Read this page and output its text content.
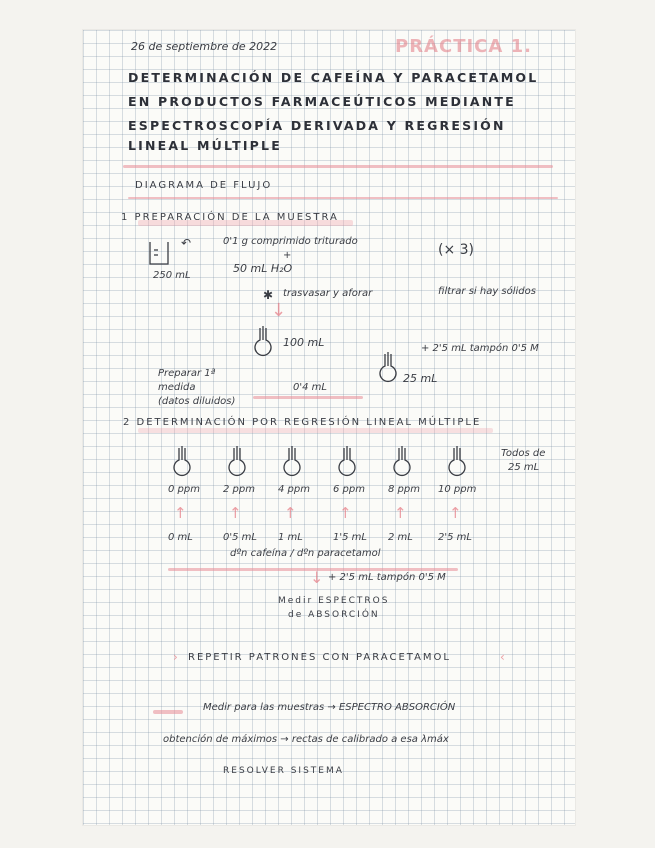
26 de septiembre de 2022	PRÁCTICA 1.
DETERMINACIÓN DE CAFEÍNA Y PARACETAMOL
EN PRODUCTOS FARMACEÚTICOS MEDIANTE
ESPECTROSCOPÍA DERIVADA Y REGRESIÓN
LINEAL MÚLTIPLE
DIAGRAMA DE FLUJO
1 PREPARACIÓN DE LA MUESTRA
↶	0'1 g comprimido triturado
+
50 mL H₂O
250 mL
(× 3)
✱ trasvasar y aforar	filtrar si hay sólidos
↓
100 mL	+ 2'5 mL tampón 0'5 M
25 mL
0'4 mL
Preparar 1ª
medida
(datos diluidos)
2 DETERMINACIÓN POR REGRESIÓN LINEAL MÚLTIPLE
Todos de
25 mL
0 ppm 2 ppm 4 ppm 6 ppm 8 ppm 10 ppm
↑	↑	↑	↑	↑	↑
0 mL	0'5 mL 1 mL	1'5 mL 2 mL	2'5 mL
dºn cafeína / dºn paracetamol
↓ + 2'5 mL tampón 0'5 M
Medir ESPECTROS
de ABSORCIÓN
› REPETIR PATRONES CON PARACETAMOL	‹
Medir para las muestras → ESPECTRO ABSORCIÓN
obtención de máximos → rectas de calibrado a esa λmáx
RESOLVER SISTEMA
